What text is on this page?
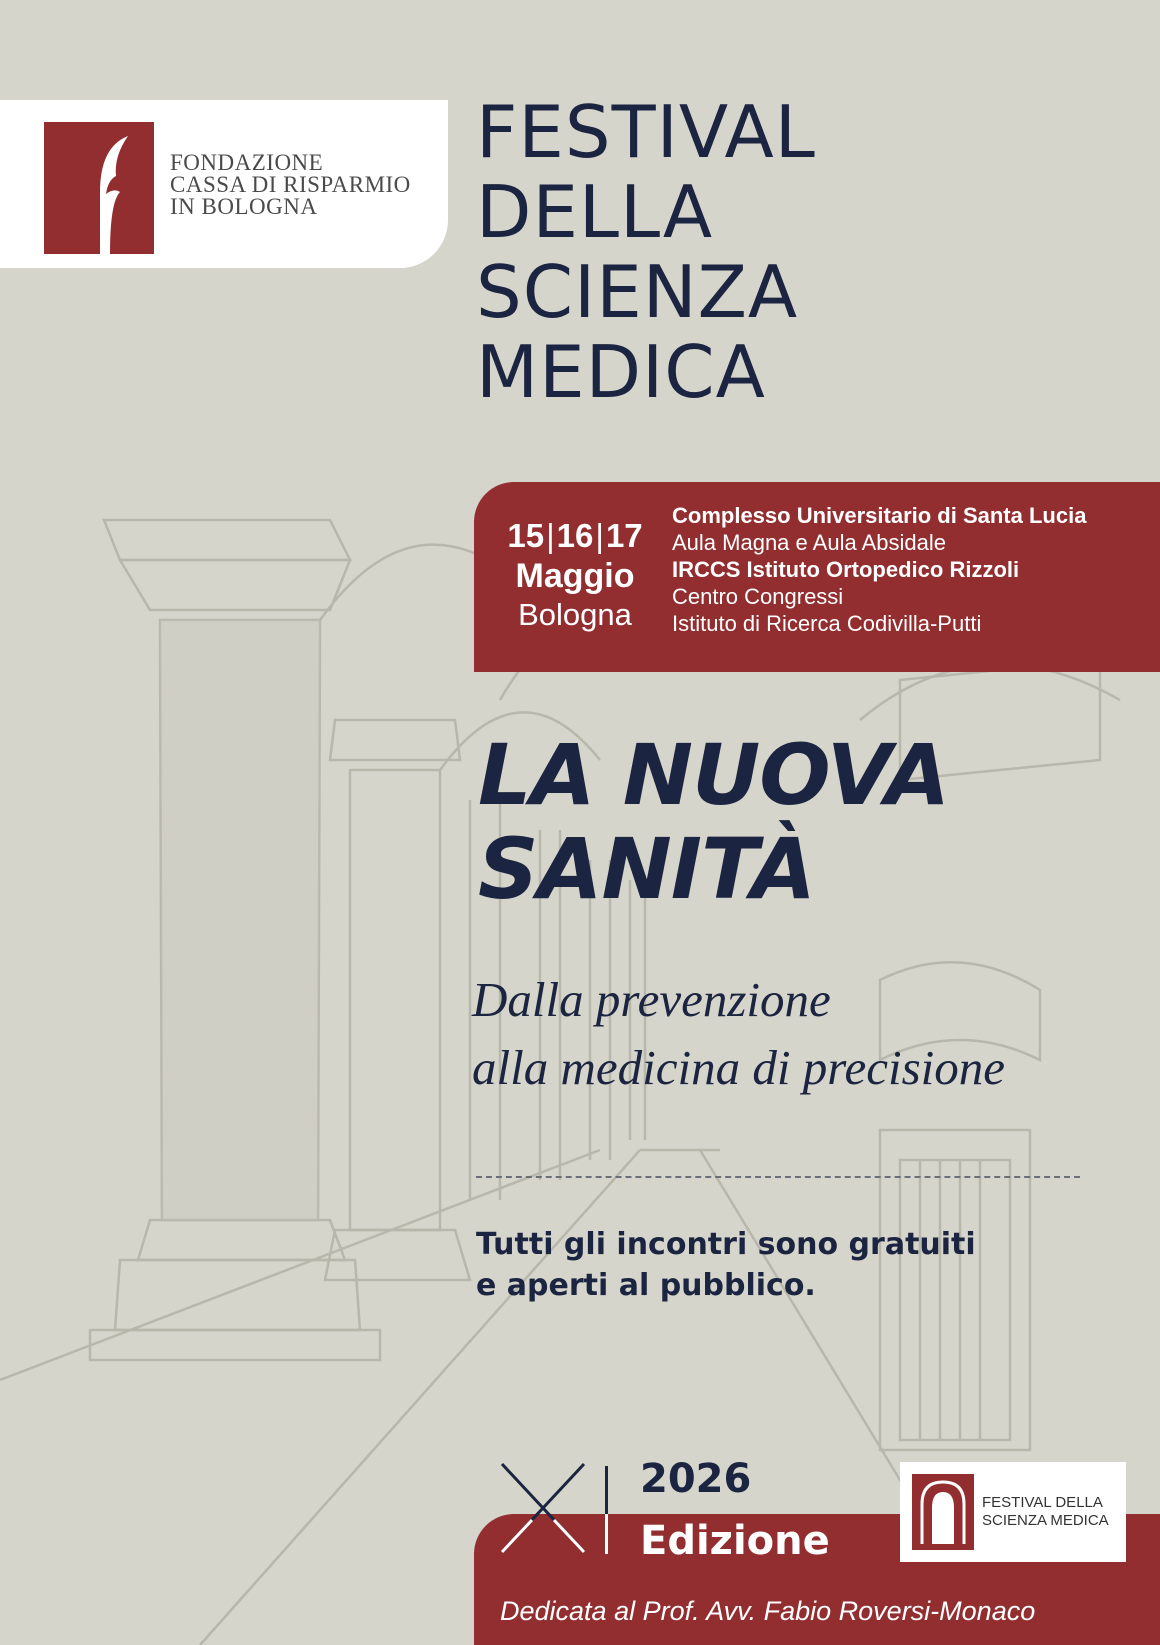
FONDAZIONE
CASSA DI RISPARMIO
IN BOLOGNA
FESTIVAL
DELLA
SCIENZA
MEDICA
15|16|17
Maggio
Bologna
Complesso Universitario di Santa Lucia
Aula Magna e Aula Absidale
IRCCS Istituto Ortopedico Rizzoli
Centro Congressi
Istituto di Ricerca Codivilla-Putti
LA NUOVA
SANITÀ
Dalla prevenzione
alla medicina di precisione
Tutti gli incontri sono gratuiti
e aperti al pubblico.
2026
Edizione
FESTIVAL DELLA
SCIENZA MEDICA
Dedicata al Prof. Avv. Fabio Roversi-Monaco
